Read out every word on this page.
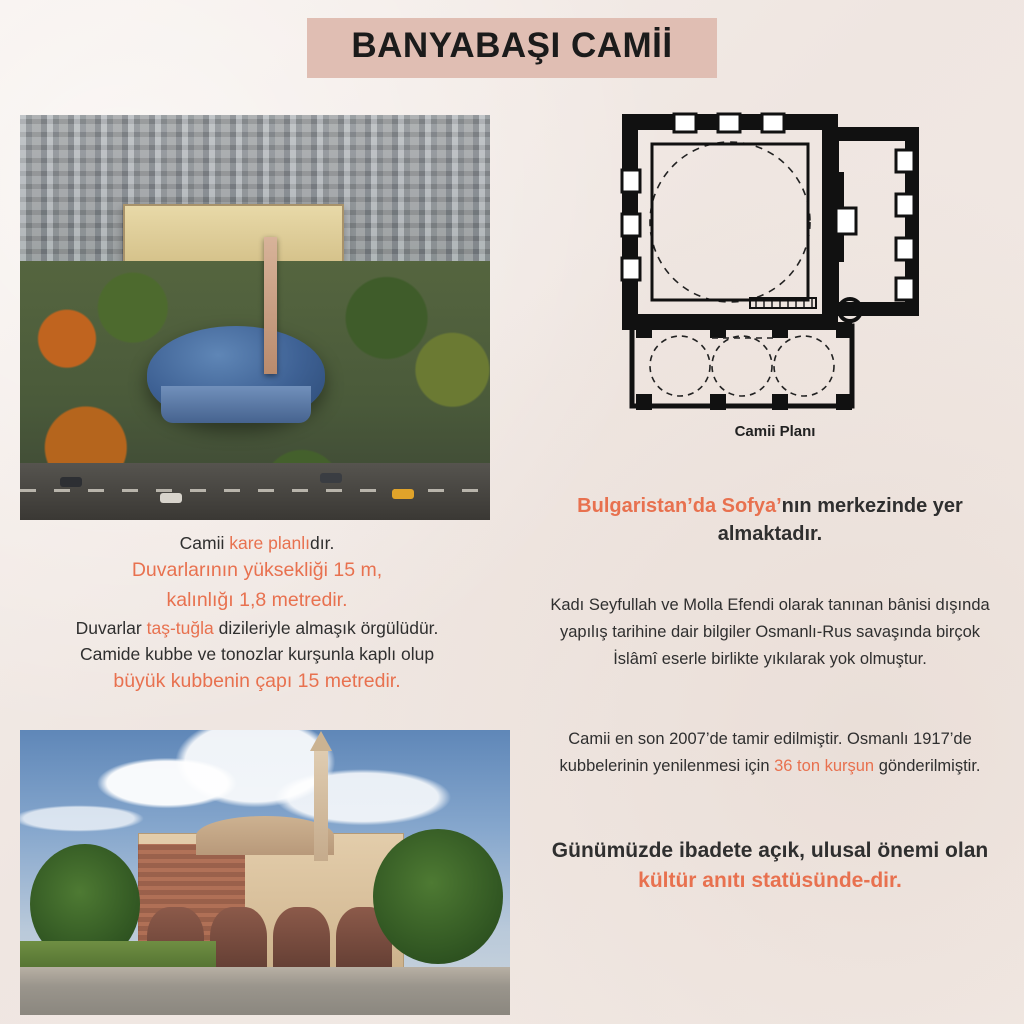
BANYABAŞI CAMİİ
Camii Planı
Camii kare planlıdır.
Duvarlarının yüksekliği 15 m,
kalınlığı 1,8 metredir.
Duvarlar taş-tuğla dizileriyle almaşık örgülüdür.
Camide kubbe ve tonozlar kurşunla kaplı olup
büyük kubbenin çapı 15 metredir.
Bulgaristan’da Sofya’nın merkezinde yer almaktadır.
Kadı Seyfullah ve Molla Efendi olarak tanınan bânisi dışında yapılış tarihine dair bilgiler Osmanlı-Rus savaşında birçok İslâmî eserle birlikte yıkılarak yok olmuştur.
Camii en son 2007’de tamir edilmiştir. Osmanlı 1917’de kubbelerinin yenilenmesi için 36 ton kurşun gönderilmiştir.
Günümüzde ibadete açık, ulusal önemi olan kültür anıtı statüsünde-dir.
